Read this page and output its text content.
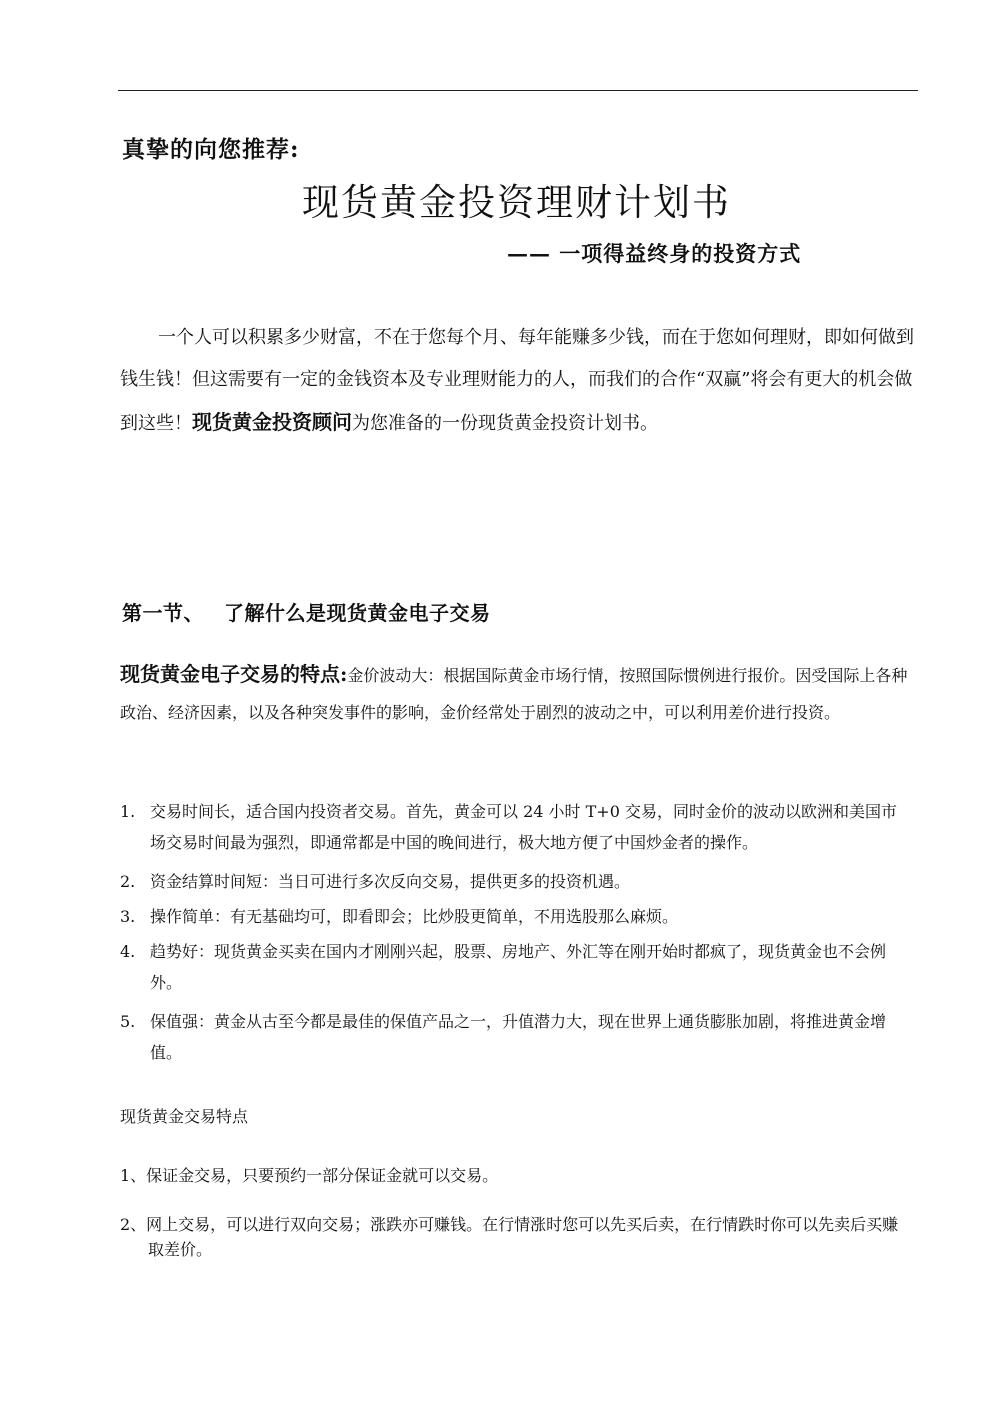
真挚的向您推荐:
现货黄金投资理财计划书
—— 一项得益终身的投资方式

一个人可以积累多少财富，不在于您每个月、每年能赚多少钱，而在于您如何理财，即如何做到钱生钱！但这需要有一定的金钱资本及专业理财能力的人，而我们的合作“双赢”将会有更大的机会做到这些！现货黄金投资顾问为您准备的一份现货黄金投资计划书。

第一节、 了解什么是现货黄金电子交易

现货黄金电子交易的特点:金价波动大：根据国际黄金市场行情，按照国际惯例进行报价。因受国际上各种政治、经济因素，以及各种突发事件的影响，金价经常处于剧烈的波动之中，可以利用差价进行投资。

1. 交易时间长，适合国内投资者交易。首先，黄金可以 24 小时 T+0 交易，同时金价的波动以欧洲和美国市场交易时间最为强烈，即通常都是中国的晚间进行，极大地方便了中国炒金者的操作。
2. 资金结算时间短：当日可进行多次反向交易，提供更多的投资机遇。
3. 操作简单：有无基础均可，即看即会；比炒股更简单，不用选股那么麻烦。
4. 趋势好：现货黄金买卖在国内才刚刚兴起，股票、房地产、外汇等在刚开始时都疯了，现货黄金也不会例外。
5. 保值强：黄金从古至今都是最佳的保值产品之一，升值潜力大，现在世界上通货膨胀加剧，将推进黄金增值。
现货黄金交易特点
1、保证金交易，只要预约一部分保证金就可以交易。
2、网上交易，可以进行双向交易；涨跌亦可赚钱。在行情涨时您可以先买后卖，在行情跌时你可以先卖后买赚取差价。
